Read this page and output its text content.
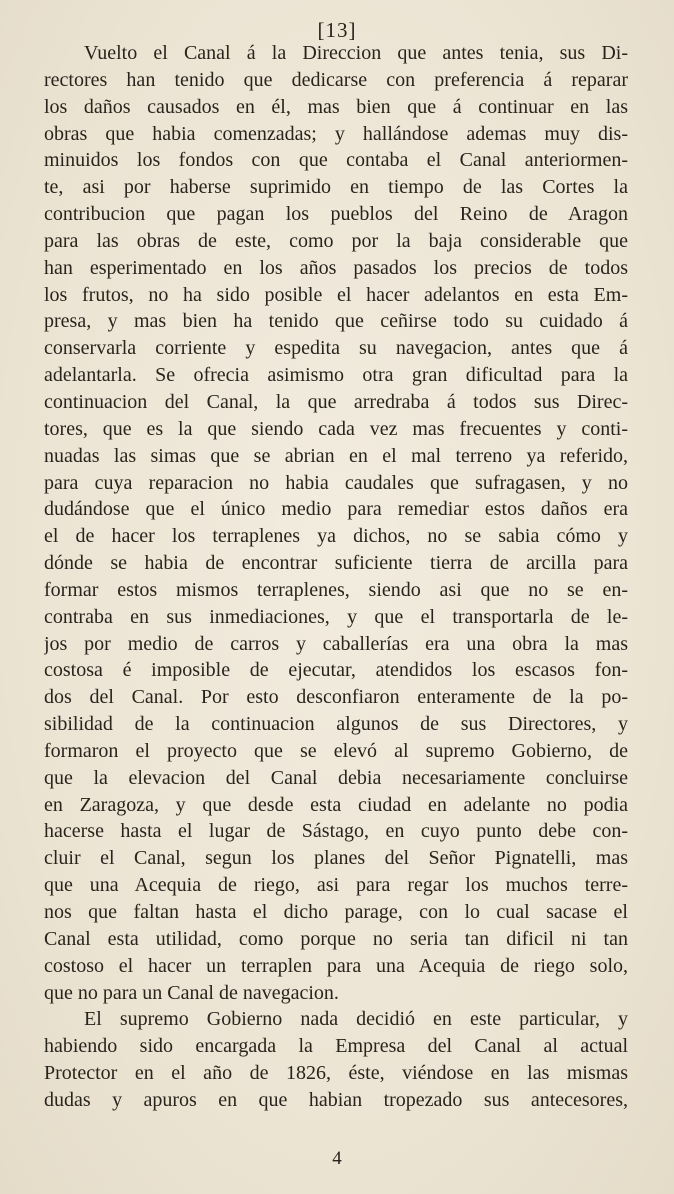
[13]
Vuelto el Canal á la Direccion que antes tenia, sus Di-
rectores han tenido que dedicarse con preferencia á reparar
los daños causados en él, mas bien que á continuar en las
obras que habia comenzadas; y hallándose ademas muy dis-
minuidos los fondos con que contaba el Canal anteriormen-
te, asi por haberse suprimido en tiempo de las Cortes la
contribucion que pagan los pueblos del Reino de Aragon
para las obras de este, como por la baja considerable que
han esperimentado en los años pasados los precios de todos
los frutos, no ha sido posible el hacer adelantos en esta Em-
presa, y mas bien ha tenido que ceñirse todo su cuidado á
conservarla corriente y espedita su navegacion, antes que á
adelantarla. Se ofrecia asimismo otra gran dificultad para la
continuacion del Canal, la que arredraba á todos sus Direc-
tores, que es la que siendo cada vez mas frecuentes y conti-
nuadas las simas que se abrian en el mal terreno ya referido,
para cuya reparacion no habia caudales que sufragasen, y no
dudándose que el único medio para remediar estos daños era
el de hacer los terraplenes ya dichos, no se sabia cómo y
dónde se habia de encontrar suficiente tierra de arcilla para
formar estos mismos terraplenes, siendo asi que no se en-
contraba en sus inmediaciones, y que el transportarla de le-
jos por medio de carros y caballerías era una obra la mas
costosa é imposible de ejecutar, atendidos los escasos fon-
dos del Canal. Por esto desconfiaron enteramente de la po-
sibilidad de la continuacion algunos de sus Directores, y
formaron el proyecto que se elevó al supremo Gobierno, de
que la elevacion del Canal debia necesariamente concluirse
en Zaragoza, y que desde esta ciudad en adelante no podia
hacerse hasta el lugar de Sástago, en cuyo punto debe con-
cluir el Canal, segun los planes del Señor Pignatelli, mas
que una Acequia de riego, asi para regar los muchos terre-
nos que faltan hasta el dicho parage, con lo cual sacase el
Canal esta utilidad, como porque no seria tan dificil ni tan
costoso el hacer un terraplen para una Acequia de riego solo,
que no para un Canal de navegacion.
El supremo Gobierno nada decidió en este particular, y
habiendo sido encargada la Empresa del Canal al actual
Protector en el año de 1826, éste, viéndose en las mismas
dudas y apuros en que habian tropezado sus antecesores,
4
